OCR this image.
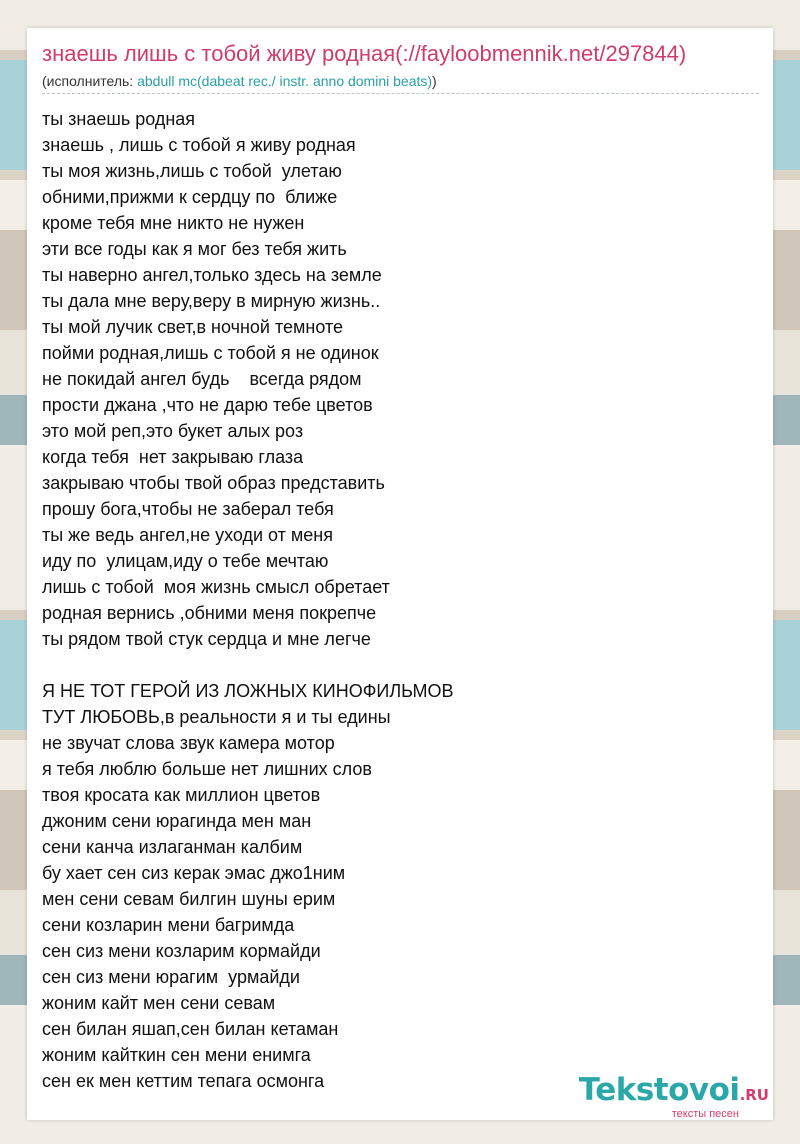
знаешь лишь с тобой живу родная(://fayloobmennik.net/297844)
(исполнитель: abdull mc(dabeat rec./ instr. anno domini beats))
ты знаешь родная
знаешь , лишь с тобой я живу родная
ты моя жизнь,лишь с тобой  улетаю
обними,прижми к сердцу по  ближе
кроме тебя мне никто не нужен
эти все годы как я мог без тебя жить
ты наверно ангел,только здесь на земле
ты дала мне веру,веру в мирную жизнь..
ты мой лучик свет,в ночной темноте
пойми родная,лишь с тобой я не одинок
не покидай ангел будь    всегда рядом
прости джана ,что не дарю тебе цветов
это мой реп,это букет алых роз
когда тебя  нет закрываю глаза
закрываю чтобы твой образ представить
прошу бога,чтобы не заберал тебя
ты же ведь ангел,не уходи от меня
иду по  улицам,иду о тебе мечтаю
лишь с тобой  моя жизнь смысл обретает
родная вернись ,обними меня покрепче
ты рядом твой стук сердца и мне легче
Я НЕ ТОТ ГЕРОЙ ИЗ ЛОЖНЫХ КИНОФИЛЬМОВ
ТУТ ЛЮБОВЬ,в реальности я и ты едины
не звучат слова звук камера мотор
я тебя люблю больше нет лишних слов
твоя кросата как миллион цветов
джоним сени юрагинда мен ман
сени канча излаганман калбим
бу хает сен сиз керак эмас джо1ним
мен сени севам билгин шуны ерим
сени козларин мени багримда
сен сиз мени козларим кормайди
сен сиз мени юрагим  урмайди
жоним кайт мен сени севам
сен билан яшап,сен билан кетаман
жоним кайткин сен мени енимга
сен ек мен кеттим тепага осмонга	Tekstovoi.RU
тексты песен
